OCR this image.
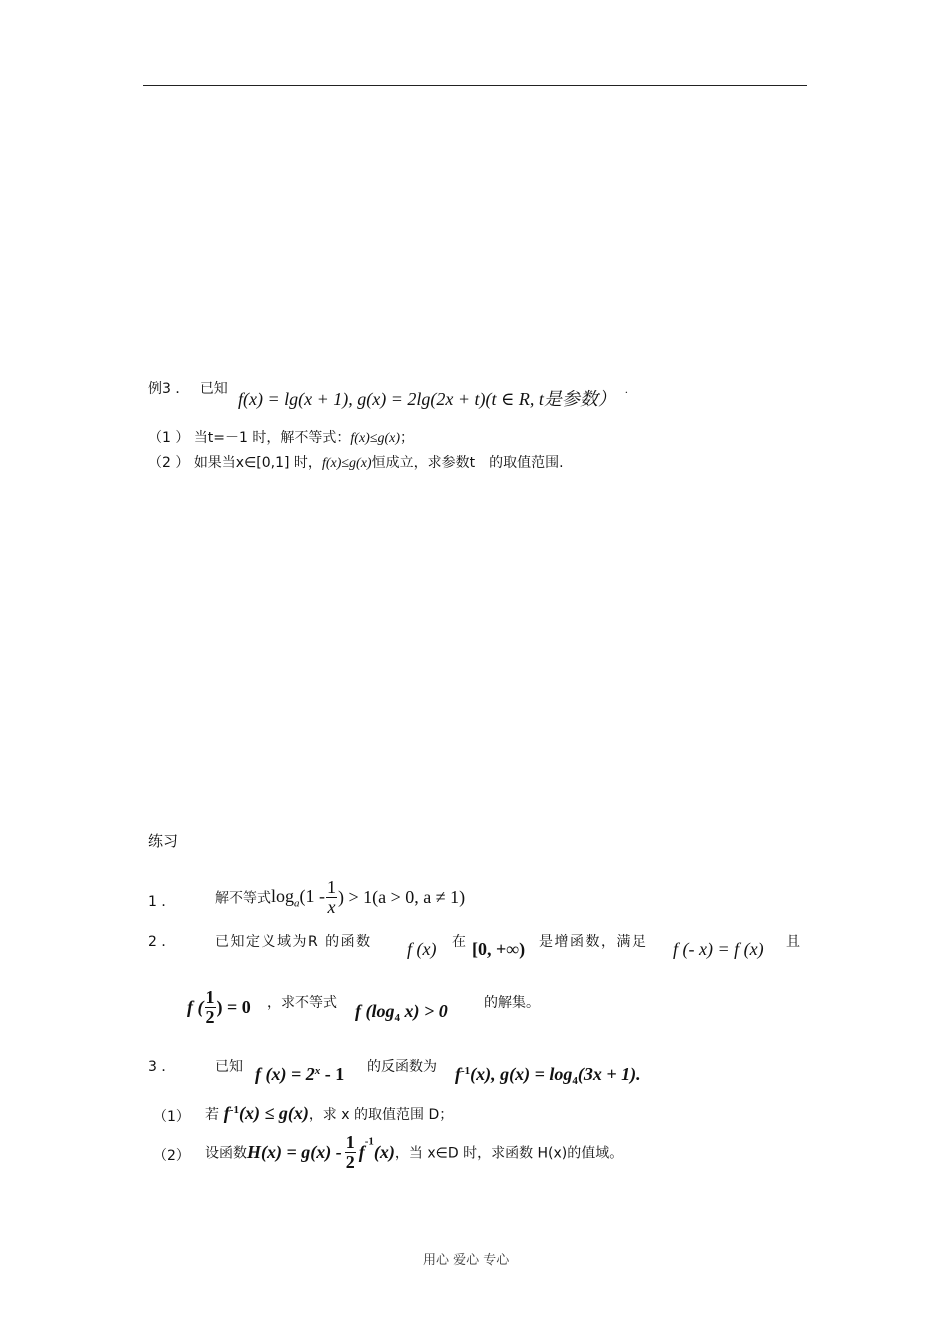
例3 ． 已知 f(x) = lg(x + 1), g(x) = 2lg(2x + t)(t ∈ R, t是参数） ·
（1 ） 当t=－1 时，解不等式：f(x)≤g(x)；
（2 ） 如果当x∈[0,1] 时，f(x)≤g(x)恒成立，求参数t　的取值范围.
练习
1 ．	解不等式$\log_a(1 - \frac{1}{x}$ ) > 1(a > 0, a ≠ 1)
2 ．	已知定义域为R 的函数 f (x) 在 [0, +∞) 是增函数，满足 f (- x) = f (x) 且
f ( $\frac{1}{2}$ ) = 0 ，求不等式 f ($\log_4$ x) > 0	的解集。
3 ．	已知 f $(x) = 2^x - 1$ 的反函数为 $f^{-1}(x)$, $g(x) = \log_4(3x + 1)$.
（1） 若 $f^{-1}(x) \le g(x)$，求 x 的取值范围 D；
（2） 设函数$H(x) = g(x) - \frac{1}{2} f^{-1}(x)$，当 x∈D 时，求函数 H(x)的值域。
用心 爱心 专心
